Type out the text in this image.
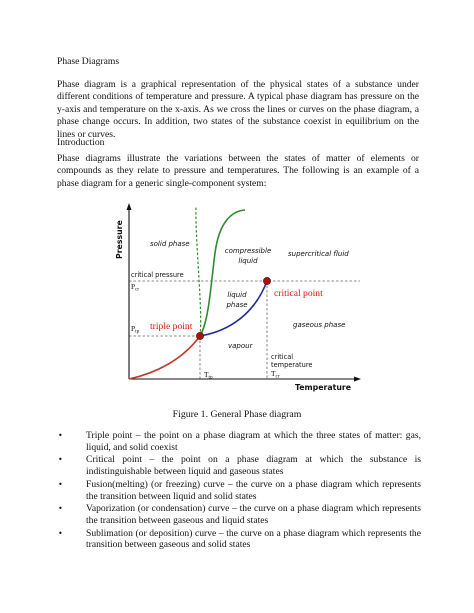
Phase Diagrams

Phase diagram is a graphical representation of the physical states of a substance under different conditions of temperature and pressure. A typical phase diagram has pressure on the y-axis and temperature on the x-axis. As we cross the lines or curves on the phase diagram, a phase change occurs. In addition, two states of the substance coexist in equilibrium on the lines or curves.

Introduction

Phase diagrams illustrate the variations between the states of matter of elements or compounds as they relate to pressure and temperatures. The following is an example of a phase diagram for a generic single-component system:

Pressure
Temperature
solid phase
compressible
liquid
supercritical fluid
liquid
phase
gaseous phase
vapour
critical pressure
$P_{cr}$
$P_{tp}$
$T_{tp}$
critical
temperature
$T_{cr}$
triple point
critical point

Figure 1. General Phase diagram

• Triple point – the point on a phase diagram at which the three states of matter: gas, liquid, and solid coexist
• Critical point – the point on a phase diagram at which the substance is indistinguishable between liquid and gaseous states
• Fusion(melting) (or freezing) curve – the curve on a phase diagram which represents the transition between liquid and solid states
• Vaporization (or condensation) curve – the curve on a phase diagram which represents the transition between gaseous and liquid states
• Sublimation (or deposition) curve – the curve on a phase diagram which represents the transition between gaseous and solid states
